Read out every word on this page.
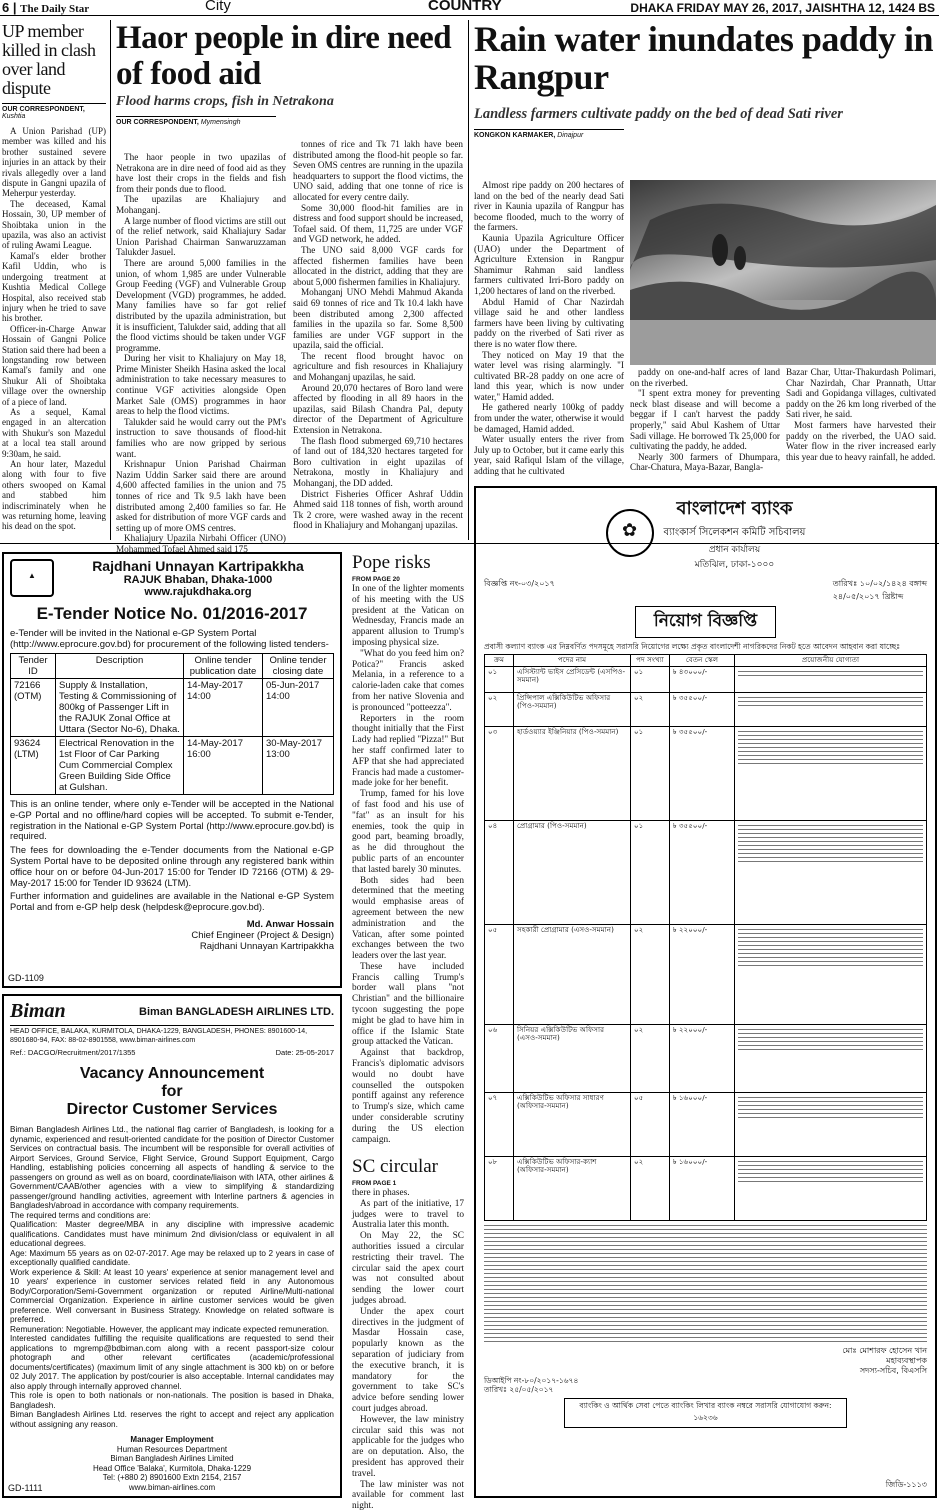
6 | The Daily Star	City	COUNTRY	DHAKA FRIDAY MAY 26, 2017, JAISHTHA 12, 1424 BS
UP member killed in clash over land dispute
OUR CORRESPONDENT,
Kushtia

A Union Parishad (UP) member was killed and his brother sustained severe injuries in an attack by their rivals allegedly over a land dispute in Gangni upazila of Meherpur yesterday.

The deceased, Kamal Hossain, 30, UP member of Shoibtaka union in the upazila, was also an activist of ruling Awami League.

Kamal's elder brother Kafil Uddin, who is undergoing treatment at Kushtia Medical College Hospital, also received stab injury when he tried to save his brother.

Officer-in-Charge Anwar Hossain of Gangni Police Station said there had been a longstanding row between Kamal's family and one Shukur Ali of Shoibtaka village over the ownership of a piece of land.

As a sequel, Kamal engaged in an altercation with Shukur's son Mazedul at a local tea stall around 9:30am, he said.

An hour later, Mazedul along with four to five others swooped on Kamal and stabbed him indiscriminately when he was returning home, leaving his dead on the spot.

Haor people in dire need of food aid
Flood harms crops, fish in Netrakona
OUR CORRESPONDENT, Mymensingh

The haor people in two upazilas of Netrakona are in dire need of food aid as they have lost their crops in the fields and fish from their ponds due to flood.

The upazilas are Khaliajury and Mohanganj.

A large number of flood victims are still out of the relief network, said Khaliajury Sadar Union Parishad Chairman Sanwaruzzaman Talukder Jasuel.

There are around 5,000 families in the union, of whom 1,985 are under Vulnerable Group Feeding (VGF) and Vulnerable Group Development (VGD) programmes, he added. Many families have so far got relief distributed by the upazila administration, but it is insufficient, Talukder said, adding that all the flood victims should be taken under VGF programme.

During her visit to Khaliajury on May 18, Prime Minister Sheikh Hasina asked the local administration to take necessary measures to continue VGF activities alongside Open Market Sale (OMS) programmes in haor areas to help the flood victims.

Talukder said he would carry out the PM's instruction to save thousands of flood-hit families who are now gripped by serious want.

Krishnapur Union Parishad Chairman Nazim Uddin Sarker said there are around 4,600 affected families in the union and 75 tonnes of rice and Tk 9.5 lakh have been distributed among 2,400 families so far. He asked for distribution of more VGF cards and setting up of more OMS centres.

Khaliajury Upazila Nirbahi Officer (UNO) Mohammed Tofael Ahmed said 175

tonnes of rice and Tk 71 lakh have been distributed among the flood-hit people so far. Seven OMS centres are running in the upazila headquarters to support the flood victims, the UNO said, adding that one tonne of rice is allocated for every centre daily.

Some 30,000 flood-hit families are in distress and food support should be increased, Tofael said. Of them, 11,725 are under VGF and VGD network, he added.

The UNO said 8,000 VGF cards for affected fishermen families have been allocated in the district, adding that they are about 5,000 fishermen families in Khaliajury.

Mohanganj UNO Mehdi Mahmud Akanda said 69 tonnes of rice and Tk 10.4 lakh have been distributed among 2,300 affected families in the upazila so far. Some 8,500 families are under VGF support in the upazila, said the official.

The recent flood brought havoc on agriculture and fish resources in Khaliajury and Mohanganj upazilas, he said.

Around 20,070 hectares of Boro land were affected by flooding in all 89 haors in the upazilas, said Bilash Chandra Pal, deputy director of the Department of Agriculture Extension in Netrakona.

The flash flood submerged 69,710 hectares of land out of 184,320 hectares targeted for Boro cultivation in eight upazilas of Netrakona, mostly in Khaliajury and Mohanganj, the DD added.

District Fisheries Officer Ashraf Uddin Ahmed said 118 tonnes of fish, worth around Tk 2 crore, were washed away in the recent flood in Khaliajury and Mohanganj upazilas.

Rain water inundates paddy in Rangpur
Landless farmers cultivate paddy on the bed of dead Sati river
KONGKON KARMAKER, Dinajpur

Almost ripe paddy on 200 hectares of land on the bed of the nearly dead Sati river in Kaunia upazila of Rangpur has become flooded, much to the worry of the farmers.

Kaunia Upazila Agriculture Officer (UAO) under the Department of Agriculture Extension in Rangpur Shamimur Rahman said landless farmers cultivated Irri-Boro paddy on 1,200 hectares of land on the riverbed.

Abdul Hamid of Char Nazirdah village said he and other landless farmers have been living by cultivating paddy on the riverbed of Sati river as there is no water flow there.

They noticed on May 19 that the water level was rising alarmingly. "I cultivated BR-28 paddy on one acre of land this year, which is now under water," Hamid added.

He gathered nearly 100kg of paddy from under the water, otherwise it would be damaged, Hamid added.

Water usually enters the river from July up to October, but it came early this year, said Rafiqul Islam of the village, adding that he cultivated

paddy on one-and-half acres of land on the riverbed.

"I spent extra money for preventing neck blast disease and will become a beggar if I can't harvest the paddy properly," said Abul Kashem of Uttar Sadi village. He borrowed Tk 25,000 for cultivating the paddy, he added.

Nearly 300 farmers of Dhumpara, Char-Chatura, Maya-Bazar, Bangla-

Bazar Char, Uttar-Thakurdash Polimari, Char Nazirdah, Char Prannath, Uttar Sadi and Gopidanga villages, cultivated paddy on the 26 km long riverbed of the Sati river, he said.

Most farmers have harvested their paddy on the riverbed, the UAO said. Water flow in the river increased early this year due to heavy rainfall, he added.

▲
Rajdhani Unnayan Kartripakkha
RAJUK Bhaban, Dhaka-1000
www.rajukdhaka.org
E-Tender Notice No. 01/2016-2017
e-Tender will be invited in the National e-GP System Portal (http://www.eprocure.gov.bd) for procurement of the following listed tenders-
Tender ID	Description	Online tender publication date	Online tender closing date
72166 (OTM)	Supply & Installation, Testing & Commissioning of 800kg of Passenger Lift in the RAJUK Zonal Office at Uttara (Sector No-6), Dhaka.	14-May-2017 14:00	05-Jun-2017 14:00
93624 (LTM)	Electrical Renovation in the 1st Floor of Car Parking Cum Commercial Complex Green Building Side Office at Gulshan.	14-May-2017 16:00	30-May-2017 13:00
This is an online tender, where only e-Tender will be accepted in the National e-GP Portal and no offline/hard copies will be accepted. To submit e-Tender, registration in the National e-GP System Portal (http://www.eprocure.gov.bd) is required.
The fees for downloading the e-Tender documents from the National e-GP System Portal have to be deposited online through any registered bank within office hour on or before 04-Jun-2017 15:00 for Tender ID 72166 (OTM) & 29-May-2017 15:00 for Tender ID 93624 (LTM).
Further information and guidelines are available in the National e-GP System Portal and from e-GP help desk (helpdesk@eprocure.gov.bd).
Md. Anwar Hossain
Chief Engineer (Project & Design)
Rajdhani Unnayan Kartripakkha
GD-1109
Biman	Biman BANGLADESH AIRLINES LTD.
HEAD OFFICE, BALAKA, KURMITOLA, DHAKA-1229, BANGLADESH, PHONES: 8901600-14, 8901680-94, FAX: 88-02-8901558, www.biman-airlines.com
Ref.: DACGO/Recruitment/2017/1355	Date: 25-05-2017
Vacancy Announcement
for
Director Customer Services
Biman Bangladesh Airlines Ltd., the national flag carrier of Bangladesh, is looking for a dynamic, experienced and result-oriented candidate for the position of Director Customer Services on contractual basis. The incumbent will be responsible for overall activities of Airport Services, Ground Service, Flight Service, Ground Support Equipment, Cargo Handling, establishing policies concerning all aspects of handling & service to the passengers on ground as well as on board, coordinate/liaison with IATA, other airlines & Government/CAAB/other agencies with a view to simplifying & standardizing passenger/ground handling activities, agreement with Interline partners & agencies in Bangladesh/abroad in accordance with company requirements.
The required terms and conditions are:
Qualification: Master degree/MBA in any discipline with impressive academic qualifications. Candidates must have minimum 2nd division/class or equivalent in all educational degrees.
Age: Maximum 55 years as on 02-07-2017. Age may be relaxed up to 2 years in case of exceptionally qualified candidate.
Work experience & Skill: At least 10 years' experience at senior management level and 10 years' experience in customer services related field in any Autonomous Body/Corporation/Semi-Government organization or reputed Airline/Multi-national Commercial Organization. Experience in airline customer services would be given preference. Well conversant in Business Strategy. Knowledge on related software is preferred.
Remuneration: Negotiable. However, the applicant may indicate expected remuneration.
Interested candidates fulfilling the requisite qualifications are requested to send their applications to mgremp@bdbiman.com along with a recent passport-size colour photograph and other relevant certificates (academic/professional documents/certificates) (maximum limit of any single attachment is 300 kb) on or before 02 July 2017. The application by post/courier is also acceptable. Internal candidates may also apply through internally approved channel.
This role is open to both nationals or non-nationals. The position is based in Dhaka, Bangladesh.
Biman Bangladesh Airlines Ltd. reserves the right to accept and reject any application without assigning any reason.
Manager Employment
Human Resources Department
Biman Bangladesh Airlines Limited
Head Office 'Balaka', Kurmitola, Dhaka-1229
Tel: (+880 2) 8901600 Extn 2154, 2157
www.biman-airlines.com
GD-1111
Pope risks
FROM PAGE 20

In one of the lighter moments of his meeting with the US president at the Vatican on Wednesday, Francis made an apparent allusion to Trump's imposing physical size.

"What do you feed him on? Potica?" Francis asked Melania, in a reference to a calorie-laden cake that comes from her native Slovenia and is pronounced "potteezza".

Reporters in the room thought initially that the First Lady had replied "Pizza!" But her staff confirmed later to AFP that she had appreciated Francis had made a customer-made joke for her benefit.

Trump, famed for his love of fast food and his use of "fat" as an insult for his enemies, took the quip in good part, beaming broadly, as he did throughout the public parts of an encounter that lasted barely 30 minutes.

Both sides had been determined that the meeting would emphasise areas of agreement between the new administration and the Vatican, after some pointed exchanges between the two leaders over the last year.

These have included Francis calling Trump's border wall plans "not Christian" and the billionaire tycoon suggesting the pope might be glad to have him in office if the Islamic State group attacked the Vatican.

Against that backdrop, Francis's diplomatic advisors would no doubt have counselled the outspoken pontiff against any reference to Trump's size, which came under considerable scrutiny during the US election campaign.

SC circular
FROM PAGE 1

there in phases.

As part of the initiative, 17 judges were to travel to Australia later this month.

On May 22, the SC authorities issued a circular restricting their travel. The circular said the apex court was not consulted about sending the lower court judges abroad.

Under the apex court directives in the judgment of Masdar Hossain case, popularly known as the separation of judiciary from the executive branch, it is mandatory for the government to take SC's advice before sending lower court judges abroad.

However, the law ministry circular said this was not applicable for the judges who are on deputation. Also, the president has approved their travel.

The law minister was not available for comment last night.

✿
বাংলাদেশ ব্যাংক
ব্যাংকার্স সিলেকশন কমিটি সচিবালয়
প্রধান কার্যালয়
মতিঝিল, ঢাকা-১০০০
বিজ্ঞপ্তি নং-০৩/২০১৭	তারিখঃ ১০/০২/১৪২৪ বঙ্গাব্দ
২৪/০৫/২০১৭ খ্রিষ্টাব্দ
নিয়োগ বিজ্ঞপ্তি
প্রবাসী কল্যাণ ব্যাংক এর নিম্নবর্ণিত পদসমূহে সরাসরি নিয়োগের লক্ষ্যে প্রকৃত বাংলাদেশী নাগরিকদের নিকট হতে আবেদন আহবান করা যাচ্ছেঃ
ক্রম	পদের নাম	পদ সংখ্যা	বেতন স্কেল	প্রয়োজনীয় যোগ্যতা
০১	এসিস্ট্যান্ট ভাইস প্রেসিডেন্ট (এসপিও-সমমান)	০১	৳ ৪৩০০০/-	

০২	প্রিন্সিপাল এক্সিকিউটিভ অফিসার (পিও-সমমান)	০২	৳ ৩৫৫০০/-	

০৩	হার্ডওয়্যার ইঞ্জিনিয়ার (পিও-সমমান)	০১	৳ ৩৫৫০০/-	

০৪	প্রোগ্রামার (পিও-সমমান)	০১	৳ ৩৫৫০০/-	

০৫	সহকারী প্রোগ্রামার (এসও-সমমান)	০২	৳ ২২০০০/-	

০৬	সিনিয়র এক্সিকিউটিভ অফিসার (এসও-সমমান)	০২	৳ ২২০০০/-	

০৭	এক্সিকিউটিভ অফিসার সাধারণ (অফিসার-সমমান)	০৫	৳ ১৬০০০/-	

০৮	এক্সিকিউটিভ অফিসার-ক্যাশ (অফিসার-সমমান)	০২	৳ ১৬০০০/-	
মোঃ মোশারফ হোসেন খান
মহাব্যবস্থাপক
সদস্য-সচিব, বিএসসি
ডিআইপি নং-৮০/২০১৭-১৬৭৪
তারিখঃ ২৫/০৫/২০১৭
ব্যাংকিং ও আর্থিক সেবা পেতে ব্যাংকিং লিখার ব্যাংক নম্বরে সরাসরি যোগাযোগ করুন: ১৬২৩৬
জিডি-১১১৩
